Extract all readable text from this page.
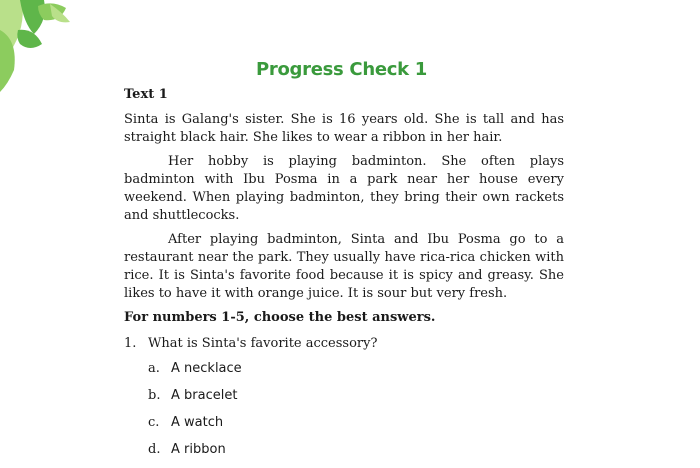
Progress Check 1
Text 1

Sinta is Galang's sister. She is 16 years old. She is tall and has straight black hair. She likes to wear a ribbon in her hair.

Her hobby is playing badminton. She often plays badminton with Ibu Posma in a park near her house every weekend. When playing badminton, they bring their own rackets and shuttlecocks.

After playing badminton, Sinta and Ibu Posma go to a restaurant near the park. They usually have rica-rica chicken with rice. It is Sinta's favorite food because it is spicy and greasy. She likes to have it with orange juice. It is sour but very fresh.

For numbers 1-5, choose the best answers.
1. What is Sinta's favorite accessory?
a. A necklace
b. A bracelet
c. A watch
d. A ribbon
